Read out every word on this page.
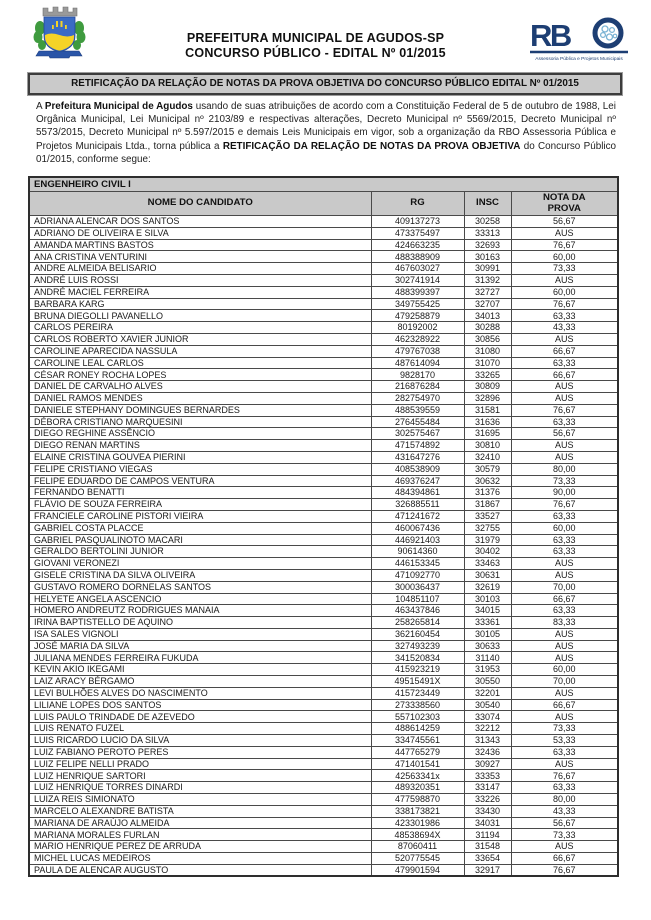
PREFEITURA MUNICIPAL DE AGUDOS-SP
CONCURSO PÚBLICO - EDITAL Nº 01/2015	RB
Assessoria Pública e Projetos Municipais
RETIFICAÇÃO DA RELAÇÃO DE NOTAS DA PROVA OBJETIVA DO CONCURSO PÚBLICO EDITAL Nº 01/2015

A Prefeitura Municipal de Agudos usando de suas atribuições de acordo com a Constituição Federal de 5 de outubro de 1988, Lei Orgânica Municipal, Lei Municipal nº 2103/89 e respectivas alterações, Decreto Municipal nº 5569/2015, Decreto Municipal nº 5573/2015, Decreto Municipal nº 5.597/2015 e demais Leis Municipais em vigor, sob a organização da RBO Assessoria Pública e Projetos Municipais Ltda., torna pública a RETIFICAÇÃO DA RELAÇÃO DE NOTAS DA PROVA OBJETIVA do Concurso Público 01/2015, conforme segue:

ENGENHEIRO CIVIL I			
NOME DO CANDIDATO	RG	INSC	NOTA DA PROVA
ADRIANA ALENCAR DOS SANTOS	409137273	30258	56,67
ADRIANO DE OLIVEIRA E SILVA	473375497	33313	AUS
AMANDA MARTINS BASTOS	424663235	32693	76,67
ANA CRISTINA VENTURINI	488388909	30163	60,00
ANDRE ALMEIDA BELISARIO	467603027	30991	73,33
ANDRÉ LUIS ROSSI	302741914	31392	AUS
ANDRÉ MACIEL FERREIRA	488399397	32727	60,00
BARBARA KARG	349755425	32707	76,67
BRUNA DIEGOLLI PAVANELLO	479258879	34013	63,33
CARLOS PEREIRA	80192002	30288	43,33
CARLOS ROBERTO XAVIER JUNIOR	462328922	30856	AUS
CAROLINE APARECIDA NASSULA	479767038	31080	66,67
CAROLINE LEAL CARLOS	487614094	31070	63,33
CÉSAR RONEY ROCHA LOPES	9828170	33265	66,67
DANIEL DE CARVALHO ALVES	216876284	30809	AUS
DANIEL RAMOS MENDES	282754970	32896	AUS
DANIELE STEPHANY DOMINGUES BERNARDES	488539559	31581	76,67
DÉBORA CRISTIANO MARQUESINI	276455484	31636	63,33
DIEGO REGHINE ASSÊNCIO	302575467	31695	56,67
DIEGO RENAN MARTINS	471574892	30810	AUS
ELAINE CRISTINA GOUVEA PIERINI	431647276	32410	AUS
FELIPE CRISTIANO VIEGAS	408538909	30579	80,00
FELIPE EDUARDO DE CAMPOS VENTURA	469376247	30632	73,33
FERNANDO BENATTI	484394861	31376	90,00
FLÁVIO DE SOUZA FERREIRA	326885511	31867	76,67
FRANCIELE CAROLINE PISTORI VIEIRA	471241672	33527	63,33
GABRIEL COSTA PLACCE	460067436	32755	60,00
GABRIEL PASQUALINOTO MACARI	446921403	31979	63,33
GERALDO BERTOLINI JUNIOR	90614360	30402	63,33
GIOVANI VERONEZI	446153345	33463	AUS
GISELE CRISTINA DA SILVA OLIVEIRA	471092770	30631	AUS
GUSTAVO ROMERO DORNELAS SANTOS	300036437	32619	70,00
HELYETE ANGELA ASCENCIO	104851107	30103	66,67
HOMERO ANDREUTZ RODRIGUES MANAIA	463437846	34015	63,33
IRINA BAPTISTELLO DE AQUINO	258265814	33361	83,33
ISA SALES VIGNOLI	362160454	30105	AUS
JOSÉ MARIA DA SILVA	327493239	30633	AUS
JULIANA MENDES FERREIRA FUKUDA	341520834	31140	AUS
KEVIN AKIO IKEGAMI	415923219	31953	60,00
LAIZ ARACY BÉRGAMO	49515491X	30550	70,00
LEVI BULHÕES ALVES DO NASCIMENTO	415723449	32201	AUS
LILIANE LOPES DOS SANTOS	273338560	30540	66,67
LUIS PAULO TRINDADE DE AZEVEDO	557102303	33074	AUS
LUIS RENATO FUZEL	488614259	32212	73,33
LUIS RICARDO LUCIO DA SILVA	334745561	31343	53,33
LUIZ FABIANO PEROTO PERES	447765279	32436	63,33
LUIZ FELIPE NELLI PRADO	471401541	30927	AUS
LUIZ HENRIQUE SARTORI	42563341x	33353	76,67
LUIZ HENRIQUE TORRES DINARDI	489320351	33147	63,33
LUIZA REIS SIMIONATO	477598870	33226	80,00
MARCELO ALEXANDRE BATISTA	338173821	33430	43,33
MARIANA DE ARAÚJO ALMEIDA	423301986	34031	56,67
MARIANA MORALES FURLAN	48538694X	31194	73,33
MARIO HENRIQUE PEREZ DE ARRUDA	87060411	31548	AUS
MICHEL LUCAS MEDEIROS	520775545	33654	66,67
PAULA DE ALENCAR AUGUSTO	479901594	32917	76,67
